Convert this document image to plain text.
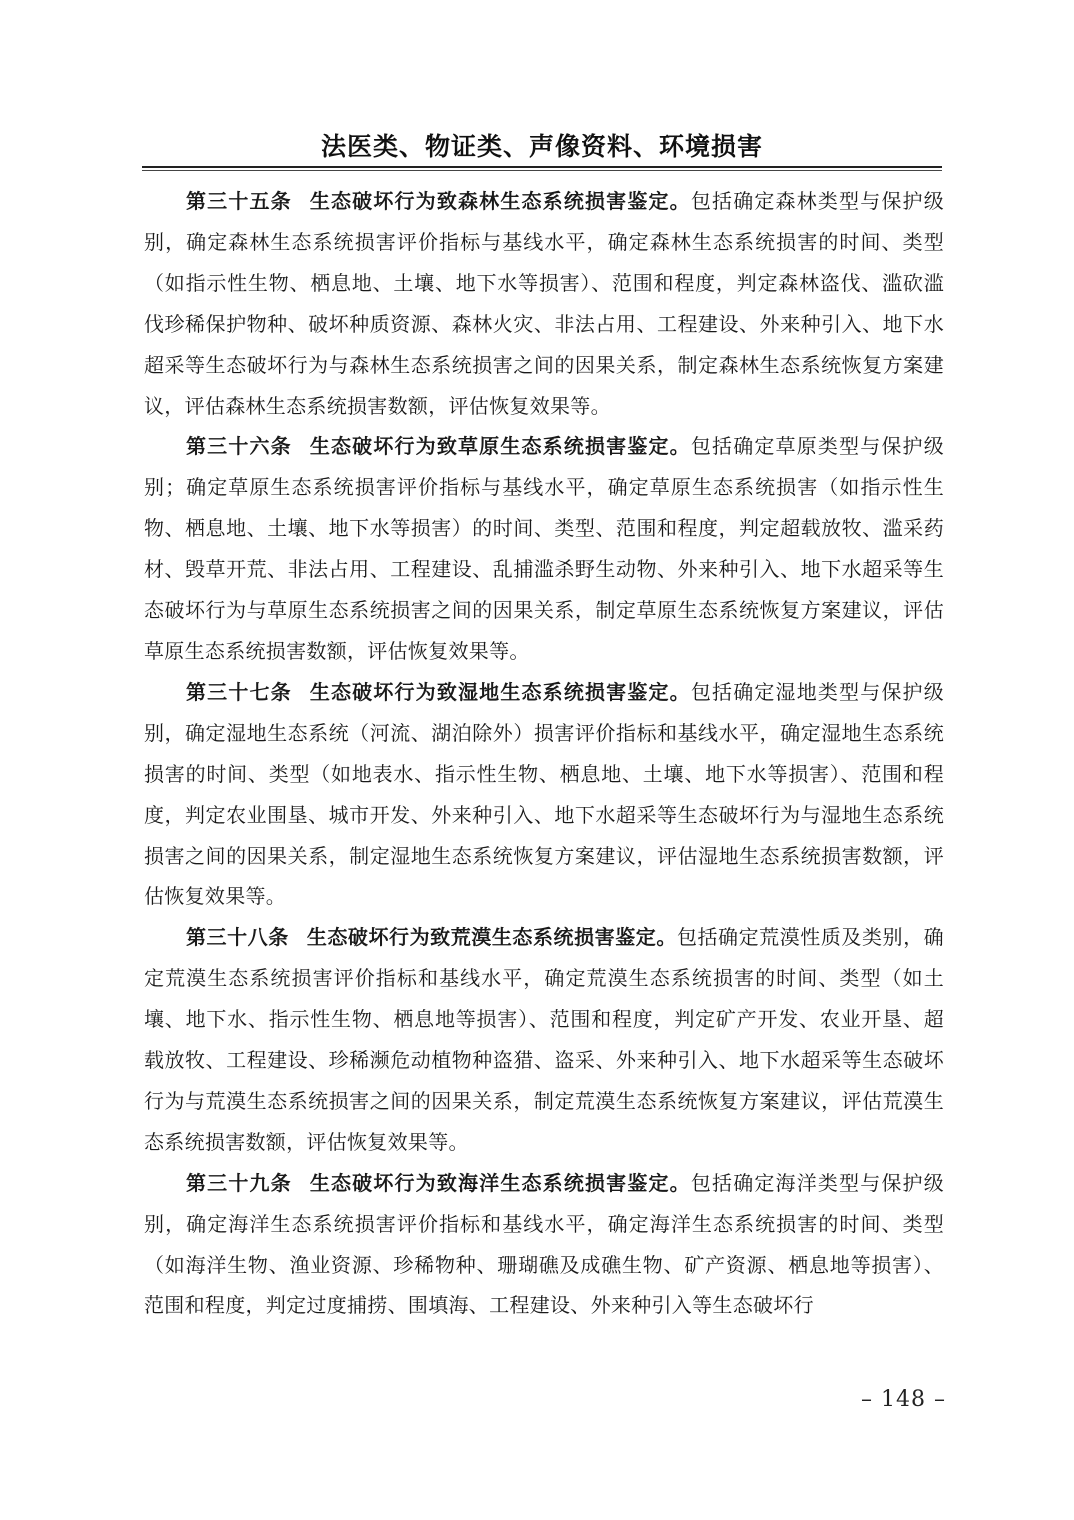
法医类、物证类、声像资料、环境损害

第三十五条 生态破坏行为致森林生态系统损害鉴定。包括确定森林类型与保护级别，确定森林生态系统损害评价指标与基线水平，确定森林生态系统损害的时间、类型（如指示性生物、栖息地、土壤、地下水等损害）、范围和程度，判定森林盗伐、滥砍滥伐珍稀保护物种、破坏种质资源、森林火灾、非法占用、工程建设、外来种引入、地下水超采等生态破坏行为与森林生态系统损害之间的因果关系，制定森林生态系统恢复方案建议，评估森林生态系统损害数额，评估恢复效果等。

第三十六条 生态破坏行为致草原生态系统损害鉴定。包括确定草原类型与保护级别；确定草原生态系统损害评价指标与基线水平，确定草原生态系统损害（如指示性生物、栖息地、土壤、地下水等损害）的时间、类型、范围和程度，判定超载放牧、滥采药材、毁草开荒、非法占用、工程建设、乱捕滥杀野生动物、外来种引入、地下水超采等生态破坏行为与草原生态系统损害之间的因果关系，制定草原生态系统恢复方案建议，评估草原生态系统损害数额，评估恢复效果等。

第三十七条 生态破坏行为致湿地生态系统损害鉴定。包括确定湿地类型与保护级别，确定湿地生态系统（河流、湖泊除外）损害评价指标和基线水平，确定湿地生态系统损害的时间、类型（如地表水、指示性生物、栖息地、土壤、地下水等损害）、范围和程度，判定农业围垦、城市开发、外来种引入、地下水超采等生态破坏行为与湿地生态系统损害之间的因果关系，制定湿地生态系统恢复方案建议，评估湿地生态系统损害数额，评估恢复效果等。

第三十八条 生态破坏行为致荒漠生态系统损害鉴定。包括确定荒漠性质及类别，确定荒漠生态系统损害评价指标和基线水平，确定荒漠生态系统损害的时间、类型（如土壤、地下水、指示性生物、栖息地等损害）、范围和程度，判定矿产开发、农业开垦、超载放牧、工程建设、珍稀濒危动植物种盗猎、盗采、外来种引入、地下水超采等生态破坏行为与荒漠生态系统损害之间的因果关系，制定荒漠生态系统恢复方案建议，评估荒漠生态系统损害数额，评估恢复效果等。

第三十九条 生态破坏行为致海洋生态系统损害鉴定。包括确定海洋类型与保护级别，确定海洋生态系统损害评价指标和基线水平，确定海洋生态系统损害的时间、类型（如海洋生物、渔业资源、珍稀物种、珊瑚礁及成礁生物、矿产资源、栖息地等损害）、范围和程度，判定过度捕捞、围填海、工程建设、外来种引入等生态破坏行

– 148 –
